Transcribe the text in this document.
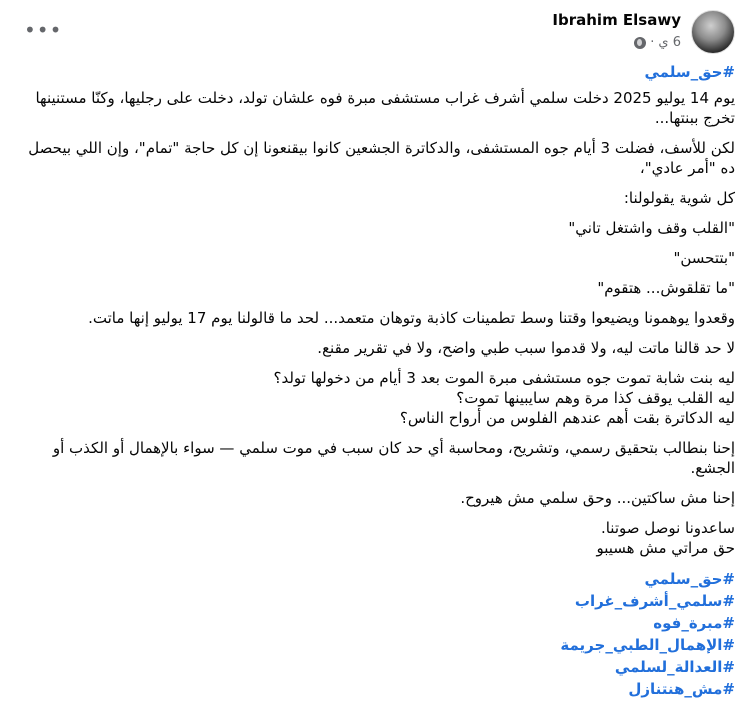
Ibrahim Elsawy
6 ي
·
•••

#حق_سلمي

يوم 14 يوليو 2025 دخلت سلمي أشرف غراب مستشفى مبرة فوه علشان تولد، دخلت على رجليها، وكنّا مستنينها تخرج ببنتها...

لكن للأسف، فضلت 3 أيام جوه المستشفى، والدكاترة الجشعين كانوا بيقنعونا إن كل حاجة "تمام"، وإن اللي بيحصل ده "أمر عادي"،

كل شوية يقولولنا:

"القلب وقف واشتغل تاني"

"بتتحسن"

"ما تقلقوش... هتقوم"

وقعدوا يوهمونا ويضيعوا وقتنا وسط تطمينات كاذبة وتوهان متعمد... لحد ما قالولنا يوم 17 يوليو إنها ماتت.

لا حد قالنا ماتت ليه، ولا قدموا سبب طبي واضح، ولا في تقرير مقنع.

ليه بنت شابة تموت جوه مستشفى مبرة الموت بعد 3 أيام من دخولها تولد؟

ليه القلب يوقف كذا مرة وهم سايبينها تموت؟

ليه الدكاترة بقت أهم عندهم الفلوس من أرواح الناس؟

إحنا بنطالب بتحقيق رسمي، وتشريح، ومحاسبة أي حد كان سبب في موت سلمي — سواء بالإهمال أو الكذب أو الجشع.

إحنا مش ساكتين... وحق سلمي مش هيروح.

ساعدونا نوصل صوتنا.

حق مراتي مش هسيبو

#حق_سلمي
#سلمي_أشرف_غراب
#مبرة_فوه
#الإهمال_الطبي_جريمة
#العدالة_لسلمي
#مش_هنتنازل
